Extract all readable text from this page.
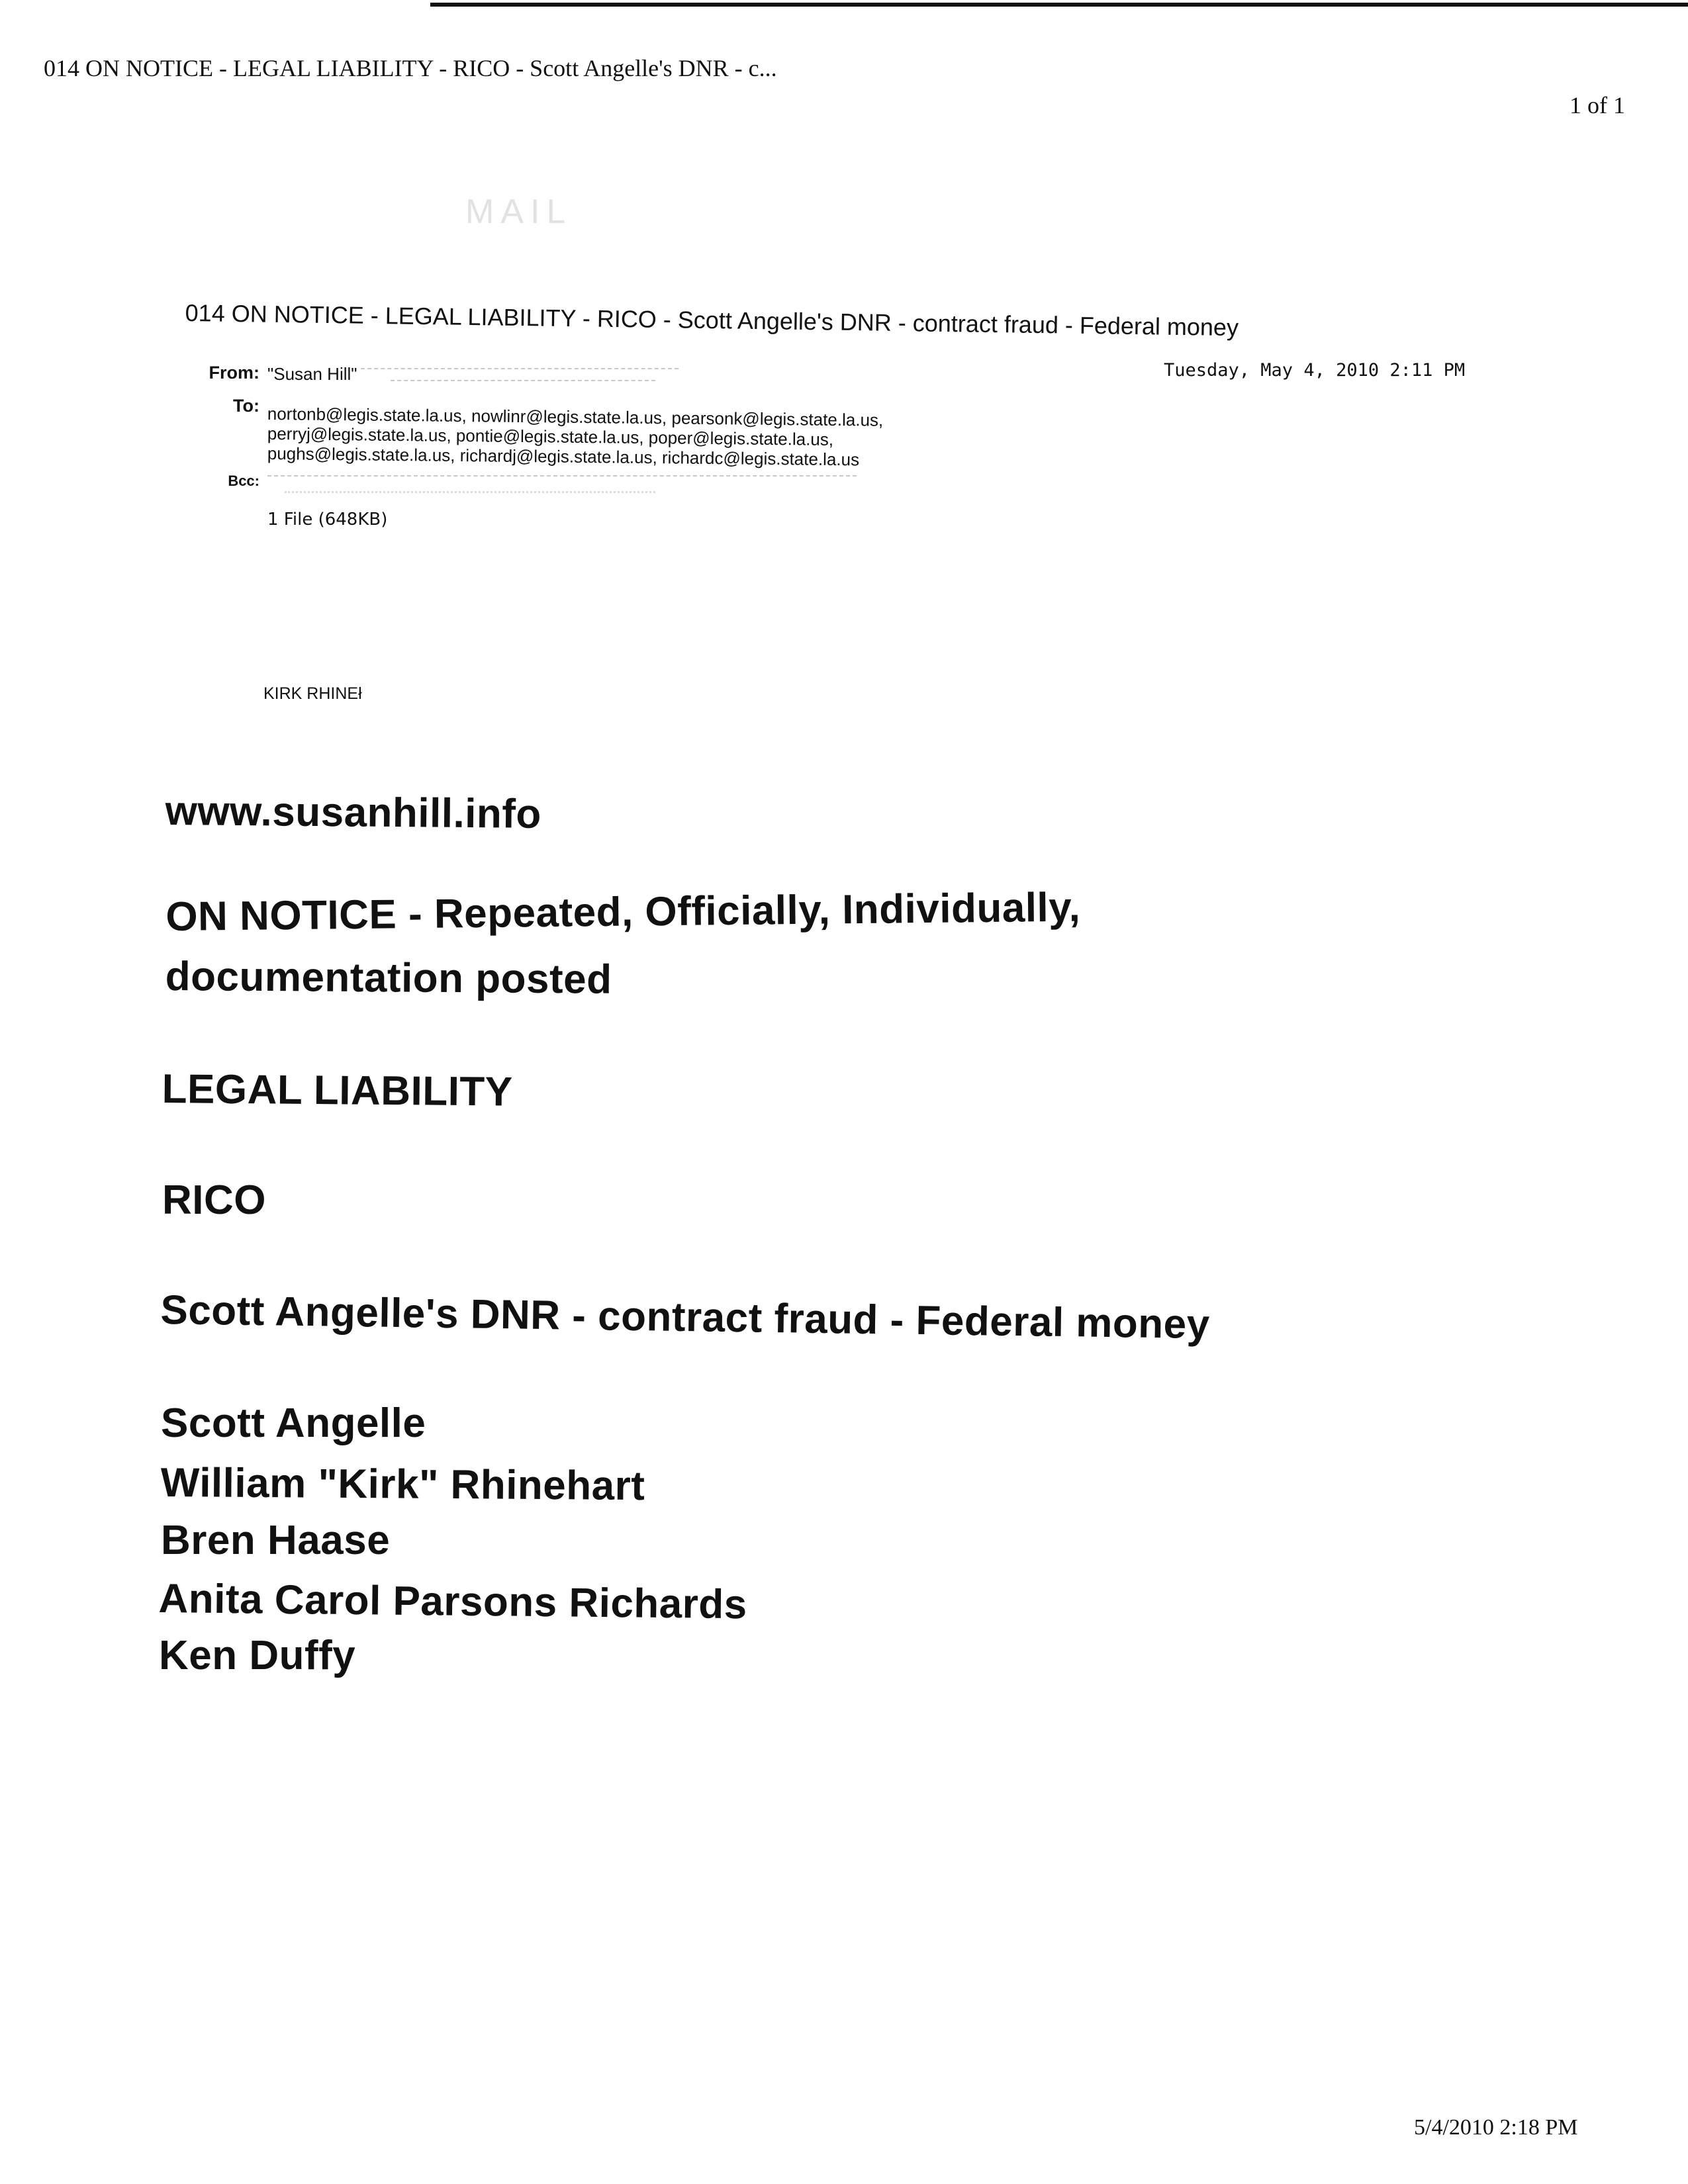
014 ON NOTICE - LEGAL LIABILITY - RICO - Scott Angelle's DNR - c...
1 of 1
MAIL
014 ON NOTICE - LEGAL LIABILITY - RICO - Scott Angelle's DNR - contract fraud - Federal money
From: "Susan Hill"	Tuesday, May 4, 2010 2:11 PM
To: nortonb@legis.state.la.us, nowlinr@legis.state.la.us, pearsonk@legis.state.la.us,
perryj@legis.state.la.us, pontie@legis.state.la.us, poper@legis.state.la.us,
pughs@legis.state.la.us, richardj@legis.state.la.us, richardc@legis.state.la.us
Bcc:
1 File (648KB)
KIRK RHINEł
www.susanhill.info
ON NOTICE - Repeated, Officially, Individually,
documentation posted
LEGAL LIABILITY
RICO
Scott Angelle's DNR - contract fraud - Federal money
Scott Angelle
William "Kirk" Rhinehart
Bren Haase
Anita Carol Parsons Richards
Ken Duffy
5/4/2010 2:18 PM
